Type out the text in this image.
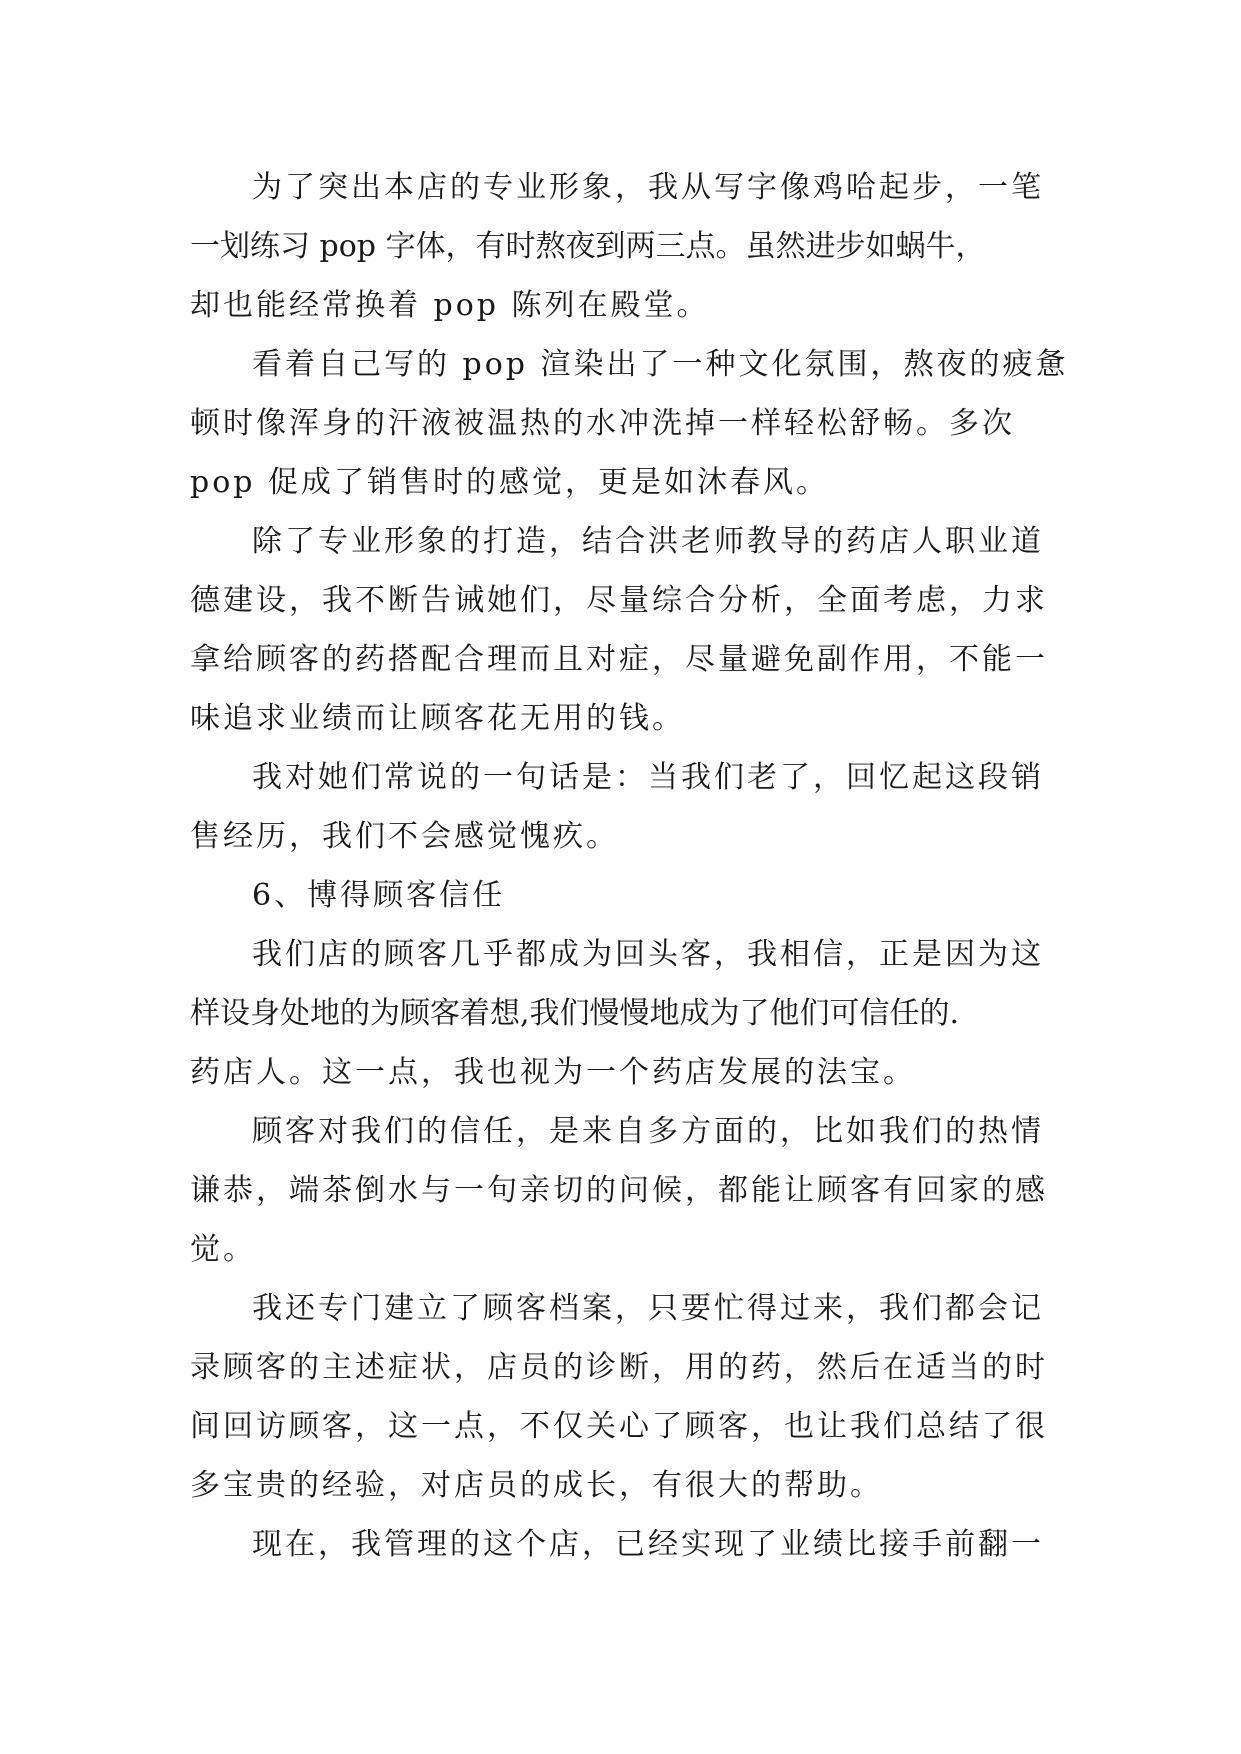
为了突出本店的专业形象，我从写字像鸡哈起步，一笔
一划练习 pop 字体，有时熬夜到两三点。虽然进步如蜗牛，
却也能经常换着 pop 陈列在殿堂。
看着自己写的 pop 渲染出了一种文化氛围，熬夜的疲惫
顿时像浑身的汗液被温热的水冲洗掉一样轻松舒畅。多次
pop 促成了销售时的感觉，更是如沐春风。
除了专业形象的打造，结合洪老师教导的药店人职业道
德建设，我不断告诫她们，尽量综合分析，全面考虑，力求
拿给顾客的药搭配合理而且对症，尽量避免副作用，不能一
味追求业绩而让顾客花无用的钱。
我对她们常说的一句话是：当我们老了，回忆起这段销
售经历，我们不会感觉愧疚。
6、博得顾客信任
我们店的顾客几乎都成为回头客，我相信，正是因为这
样设身处地的为顾客着想,我们慢慢地成为了他们可信任的.
药店人。这一点，我也视为一个药店发展的法宝。
顾客对我们的信任，是来自多方面的，比如我们的热情
谦恭，端茶倒水与一句亲切的问候，都能让顾客有回家的感
觉。
我还专门建立了顾客档案，只要忙得过来，我们都会记
录顾客的主述症状，店员的诊断，用的药，然后在适当的时
间回访顾客，这一点，不仅关心了顾客，也让我们总结了很
多宝贵的经验，对店员的成长，有很大的帮助。
现在，我管理的这个店，已经实现了业绩比接手前翻一
